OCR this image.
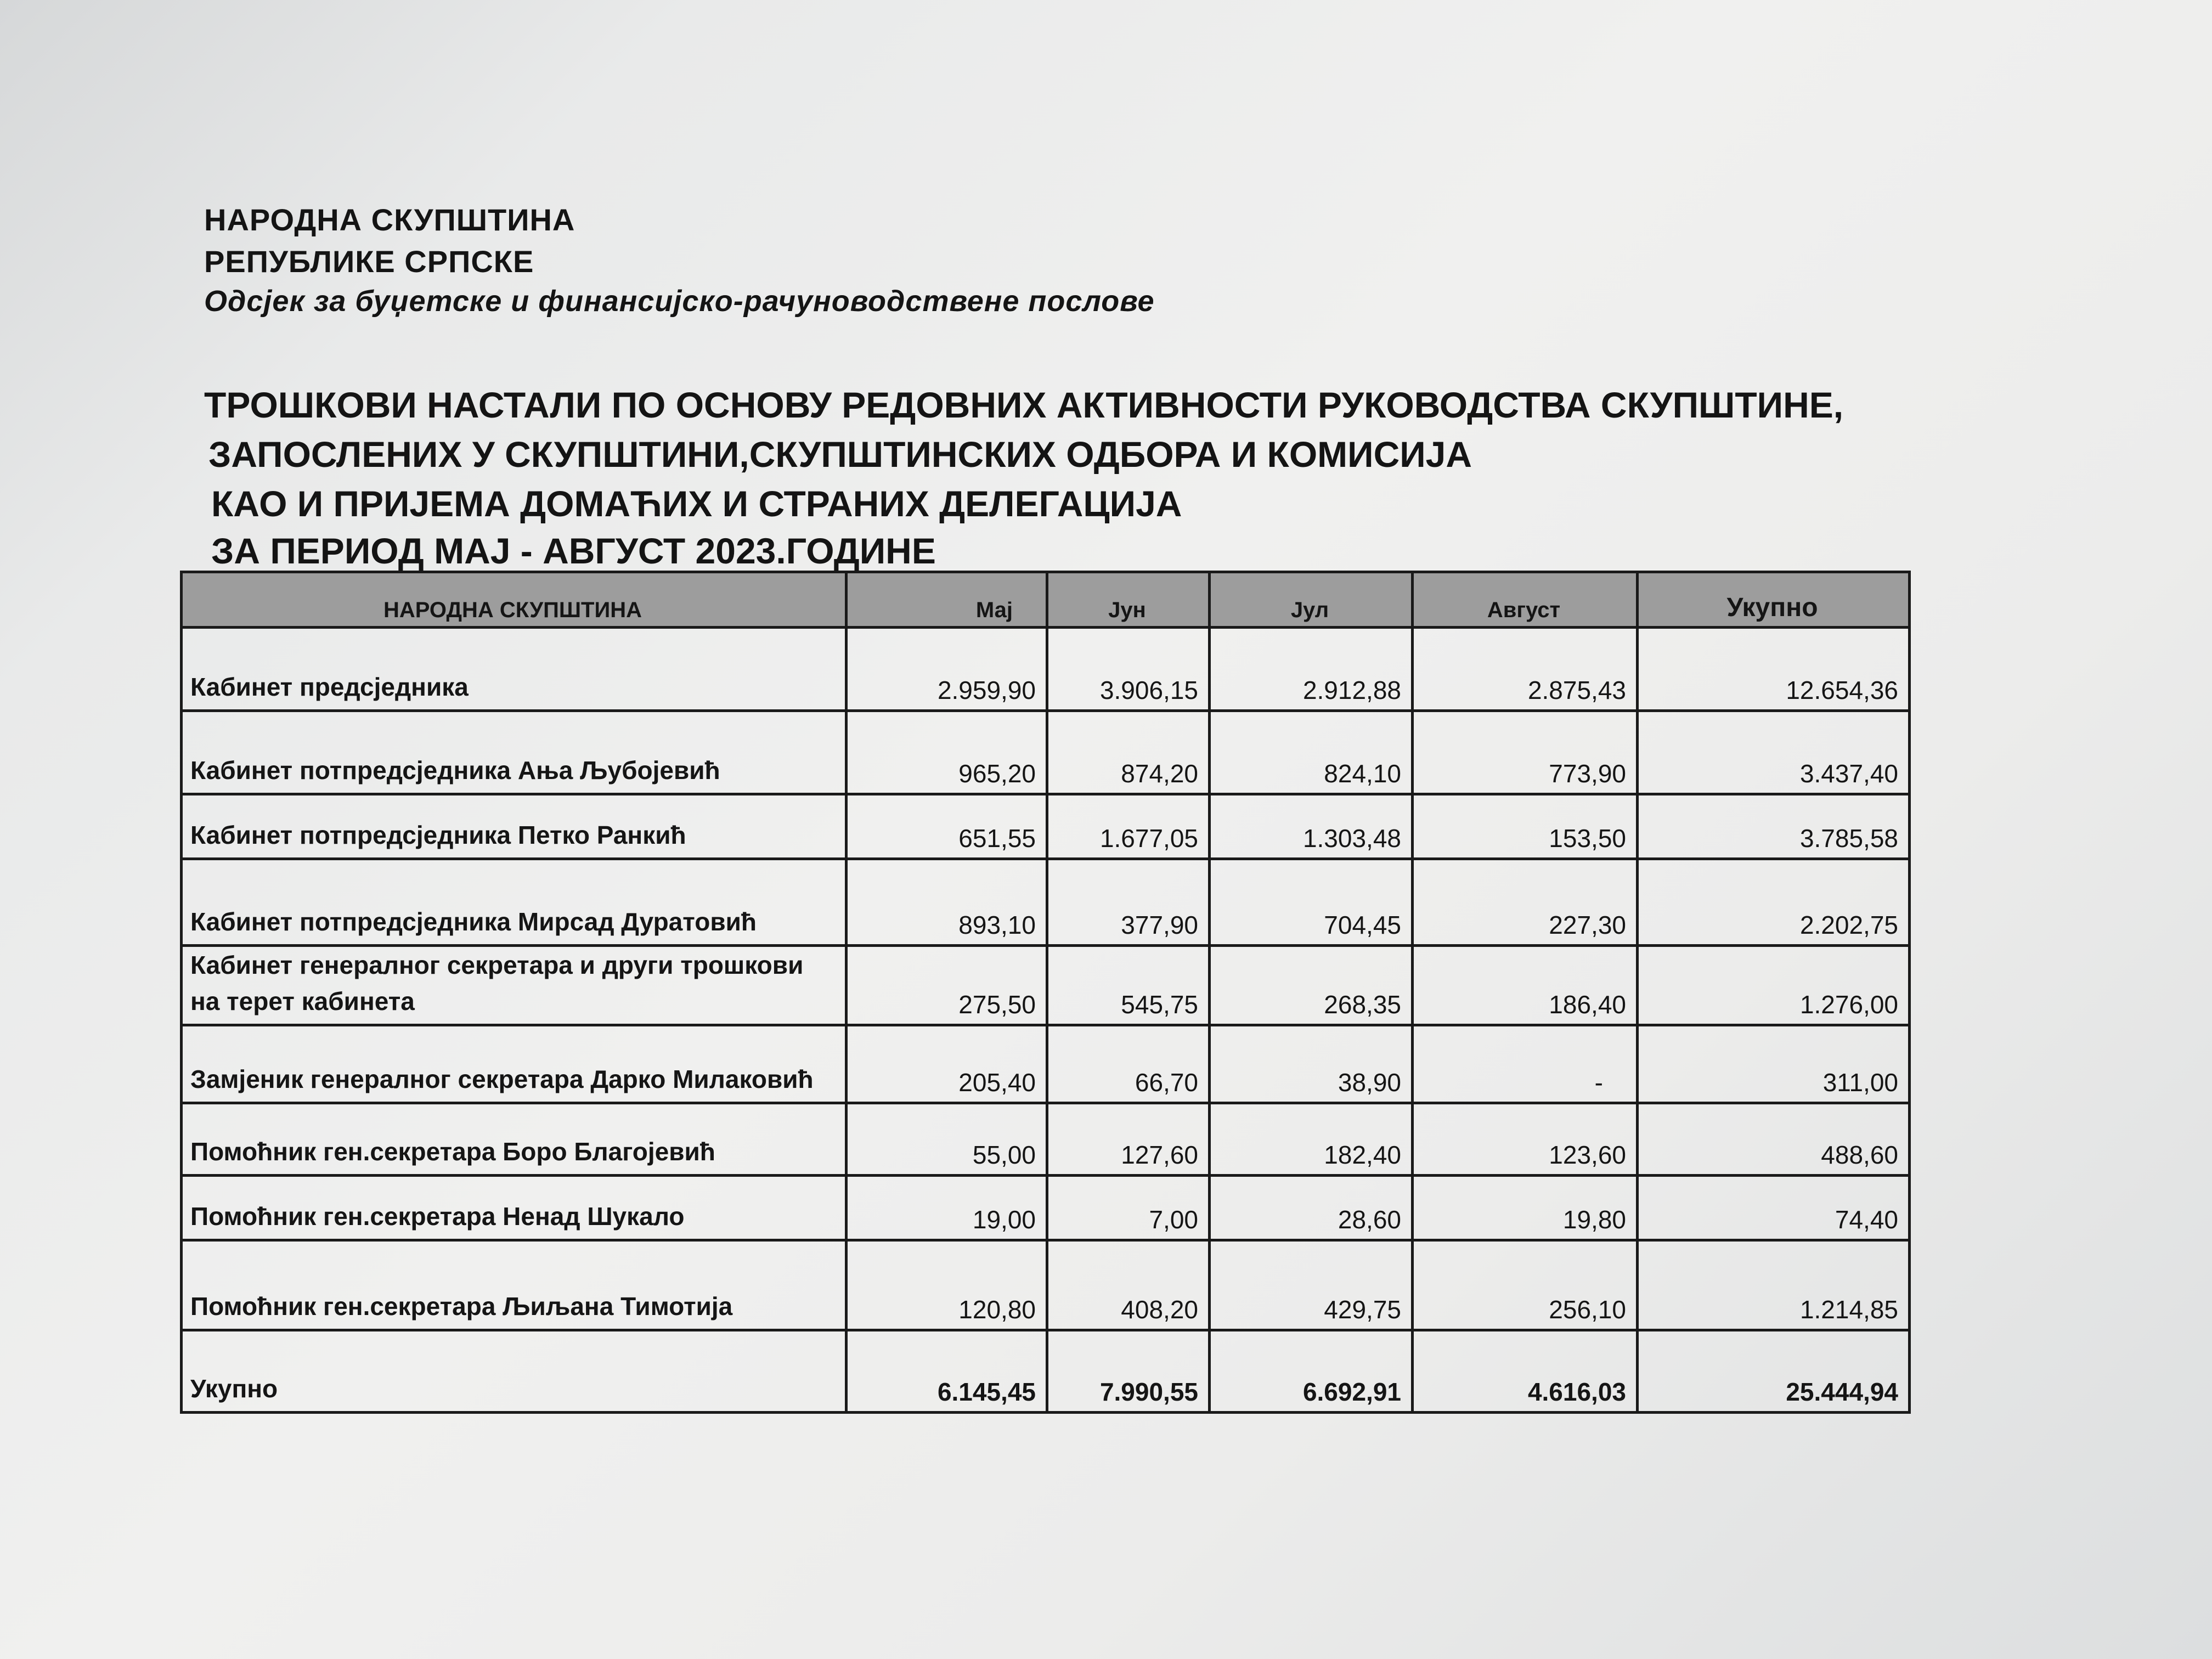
НАРОДНА СКУПШТИНА
РЕПУБЛИКЕ СРПСКЕ
Одсјек за буџетске и финансијско-рачуноводствене послове
ТРОШКОВИ НАСТАЛИ ПО ОСНОВУ РЕДОВНИХ АКТИВНОСТИ РУКОВОДСТВА СКУПШТИНЕ,
ЗАПОСЛЕНИХ У СКУПШТИНИ,СКУПШТИНСКИХ ОДБОРА И КОМИСИЈА
КАО И ПРИЈЕМА ДОМАЋИХ И СТРАНИХ ДЕЛЕГАЦИЈА
ЗА ПЕРИОД МАЈ - АВГУСТ 2023.ГОДИНЕ
НАРОДНА СКУПШТИНА	Мај	Јун	Јул	Август	Укупно
Кабинет предсједника	2.959,90	3.906,15	2.912,88	2.875,43	12.654,36
Кабинет потпредсједника Ања Љубојевић	965,20	874,20	824,10	773,90	3.437,40
Кабинет потпредсједника Петко Ранкић	651,55	1.677,05	1.303,48	153,50	3.785,58
Кабинет потпредсједника Мирсад Дуратовић	893,10	377,90	704,45	227,30	2.202,75
Кабинет генералног секретара и други трошкови на терет кабинета	275,50	545,75	268,35	186,40	1.276,00
Замјеник генералног секретара Дарко Милаковић	205,40	66,70	38,90	-	311,00
Помоћник ген.секретара Боро Благојевић	55,00	127,60	182,40	123,60	488,60
Помоћник ген.секретара Ненад Шукало	19,00	7,00	28,60	19,80	74,40
Помоћник ген.секретара Љиљана Тимотија	120,80	408,20	429,75	256,10	1.214,85
Укупно	6.145,45	7.990,55	6.692,91	4.616,03	25.444,94
